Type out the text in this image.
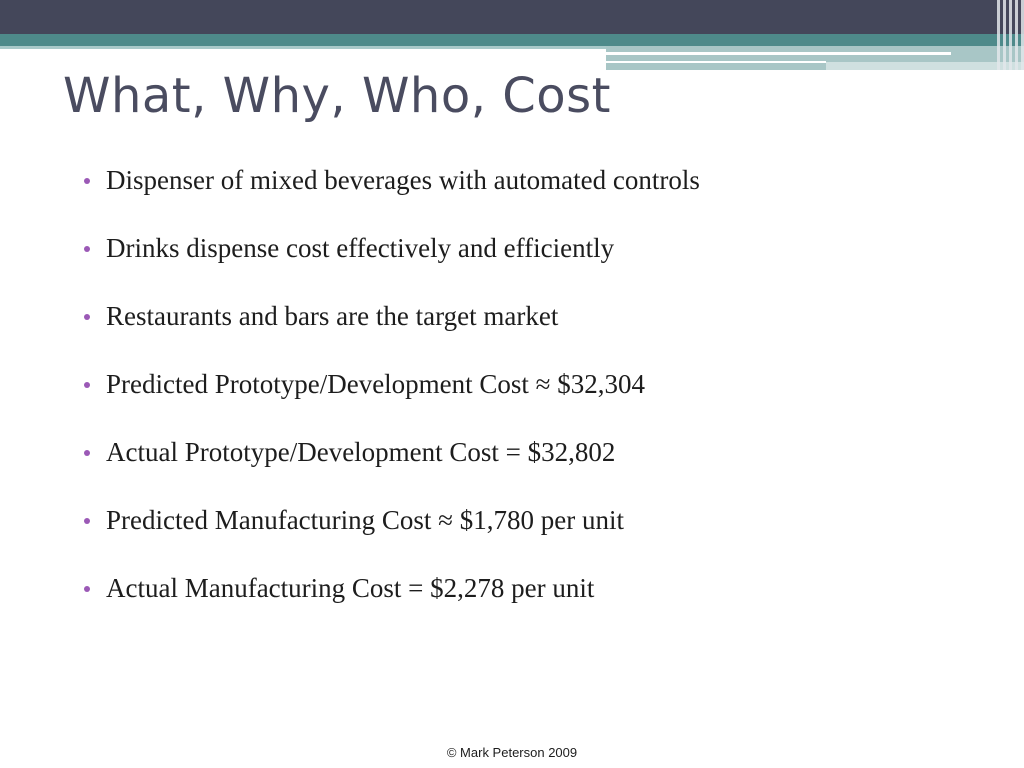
What, Why, Who, Cost
Dispenser of mixed beverages with automated controls
Drinks dispense cost effectively and efficiently
Restaurants and bars are the target market
Predicted Prototype/Development Cost ≈ $32,304
Actual Prototype/Development Cost = $32,802
Predicted Manufacturing Cost ≈ $1,780 per unit
Actual Manufacturing Cost = $2,278 per unit
© Mark Peterson 2009
